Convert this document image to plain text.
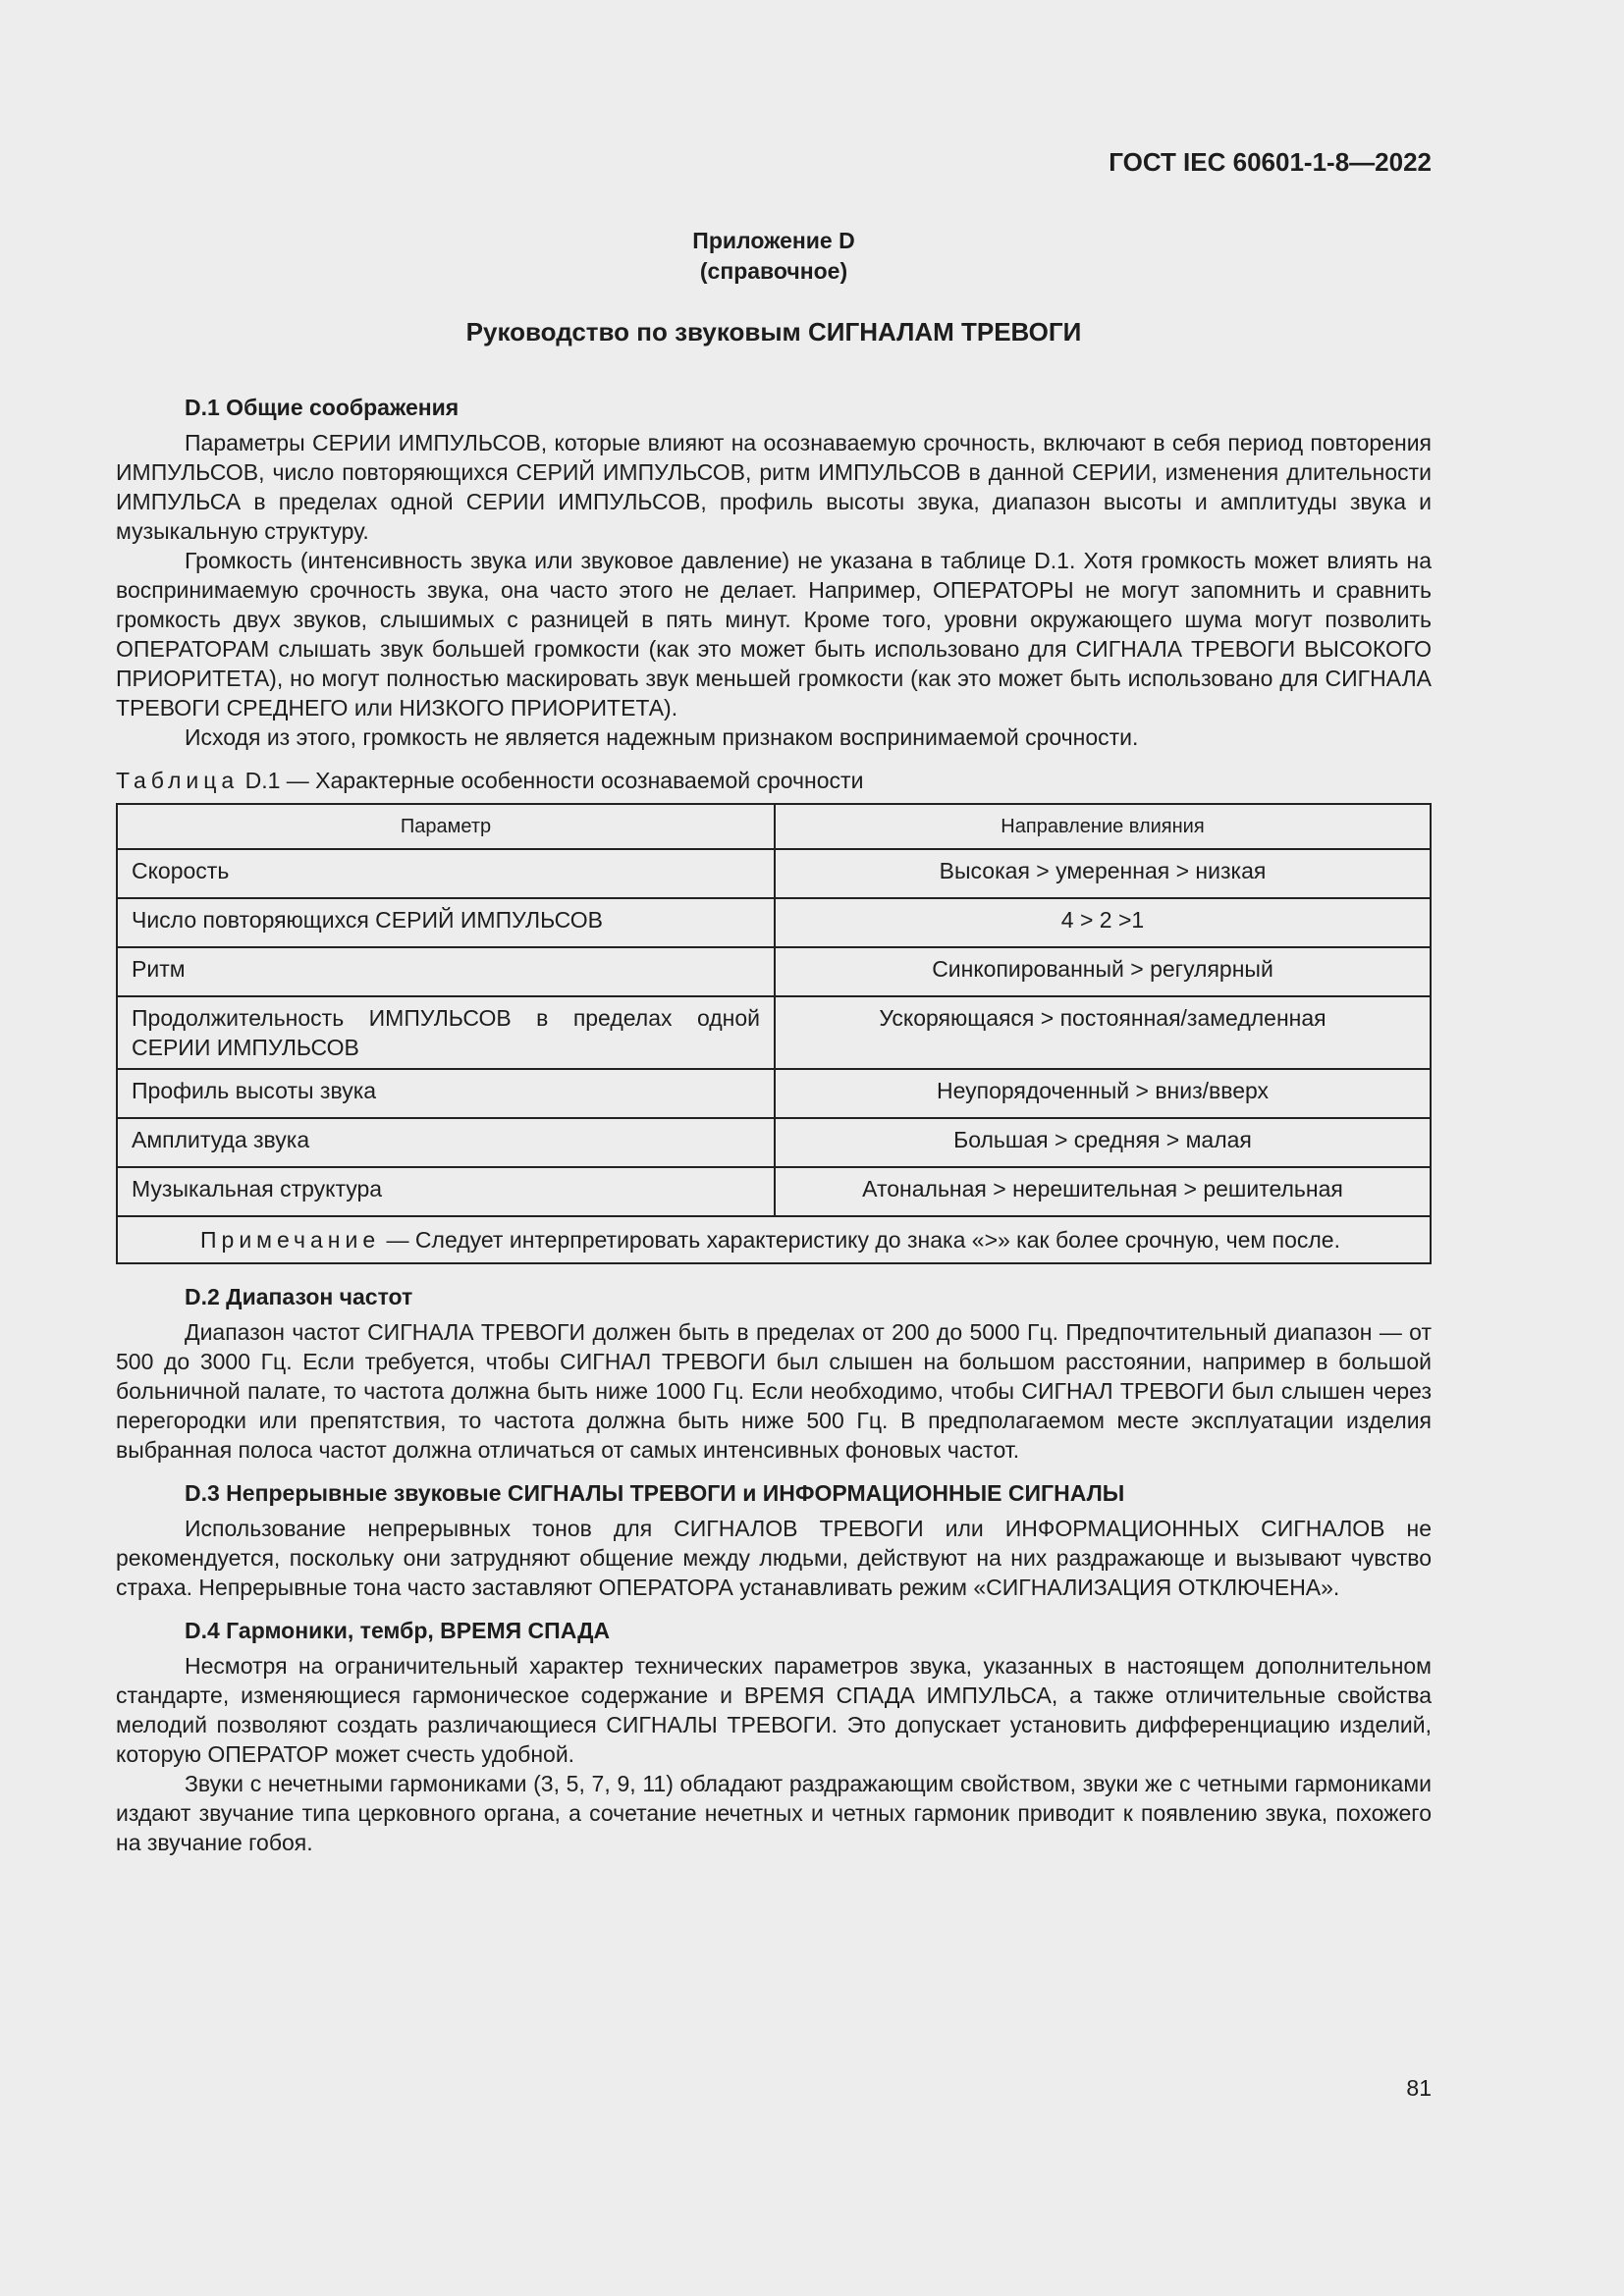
ГОСТ IEC 60601-1-8—2022
Приложение D
(справочное)
Руководство по звуковым СИГНАЛАМ ТРЕВОГИ
D.1 Общие соображения

Параметры СЕРИИ ИМПУЛЬСОВ, которые влияют на осознаваемую срочность, включают в себя период повторения ИМПУЛЬСОВ, число повторяющихся СЕРИЙ ИМПУЛЬСОВ, ритм ИМПУЛЬСОВ в данной СЕРИИ, изменения длительности ИМПУЛЬСА в пределах одной СЕРИИ ИМПУЛЬСОВ, профиль высоты звука, диапазон высоты и амплитуды звука и музыкальную структуру.

Громкость (интенсивность звука или звуковое давление) не указана в таблице D.1. Хотя громкость может влиять на воспринимаемую срочность звука, она часто этого не делает. Например, ОПЕРАТОРЫ не могут запомнить и сравнить громкость двух звуков, слышимых с разницей в пять минут. Кроме того, уровни окружающего шума могут позволить ОПЕРАТОРАМ слышать звук большей громкости (как это может быть использовано для СИГНАЛА ТРЕВОГИ ВЫСОКОГО ПРИОРИТЕТА), но могут полностью маскировать звук меньшей громкости (как это может быть использовано для СИГНАЛА ТРЕВОГИ СРЕДНЕГО или НИЗКОГО ПРИОРИТЕТА).

Исходя из этого, громкость не является надежным признаком воспринимаемой срочности.

Таблица D.1 — Характерные особенности осознаваемой срочности
Параметр	Направление влияния
Скорость	Высокая > умеренная > низкая
Число повторяющихся СЕРИЙ ИМПУЛЬСОВ	4 > 2 >1
Ритм	Синкопированный > регулярный
Продолжительность ИМПУЛЬСОВ в пределах одной СЕРИИ ИМПУЛЬСОВ	Ускоряющаяся > постоянная/замедленная
Профиль высоты звука	Неупорядоченный > вниз/вверх
Амплитуда звука	Большая > средняя > малая
Музыкальная структура	Атональная > нерешительная > решительная
Примечание — Следует интерпретировать характеристику до знака «>» как более срочную, чем после.	
D.2 Диапазон частот

Диапазон частот СИГНАЛА ТРЕВОГИ должен быть в пределах от 200 до 5000 Гц. Предпочтительный диапазон — от 500 до 3000 Гц. Если требуется, чтобы СИГНАЛ ТРЕВОГИ был слышен на большом расстоянии, например в большой больничной палате, то частота должна быть ниже 1000 Гц. Если необходимо, чтобы СИГНАЛ ТРЕВОГИ был слышен через перегородки или препятствия, то частота должна быть ниже 500 Гц. В предполагаемом месте эксплуатации изделия выбранная полоса частот должна отличаться от самых интенсивных фоновых частот.

D.3 Непрерывные звуковые СИГНАЛЫ ТРЕВОГИ и ИНФОРМАЦИОННЫЕ СИГНАЛЫ

Использование непрерывных тонов для СИГНАЛОВ ТРЕВОГИ или ИНФОРМАЦИОННЫХ СИГНАЛОВ не рекомендуется, поскольку они затрудняют общение между людьми, действуют на них раздражающе и вызывают чувство страха. Непрерывные тона часто заставляют ОПЕРАТОРА устанавливать режим «СИГНАЛИЗАЦИЯ ОТКЛЮЧЕНА».

D.4 Гармоники, тембр, ВРЕМЯ СПАДА

Несмотря на ограничительный характер технических параметров звука, указанных в настоящем дополнительном стандарте, изменяющиеся гармоническое содержание и ВРЕМЯ СПАДА ИМПУЛЬСА, а также отличительные свойства мелодий позволяют создать различающиеся СИГНАЛЫ ТРЕВОГИ. Это допускает установить дифференциацию изделий, которую ОПЕРАТОР может счесть удобной.

Звуки с нечетными гармониками (3, 5, 7, 9, 11) обладают раздражающим свойством, звуки же с четными гармониками издают звучание типа церковного органа, а сочетание нечетных и четных гармоник приводит к появлению звука, похожего на звучание гобоя.

81
